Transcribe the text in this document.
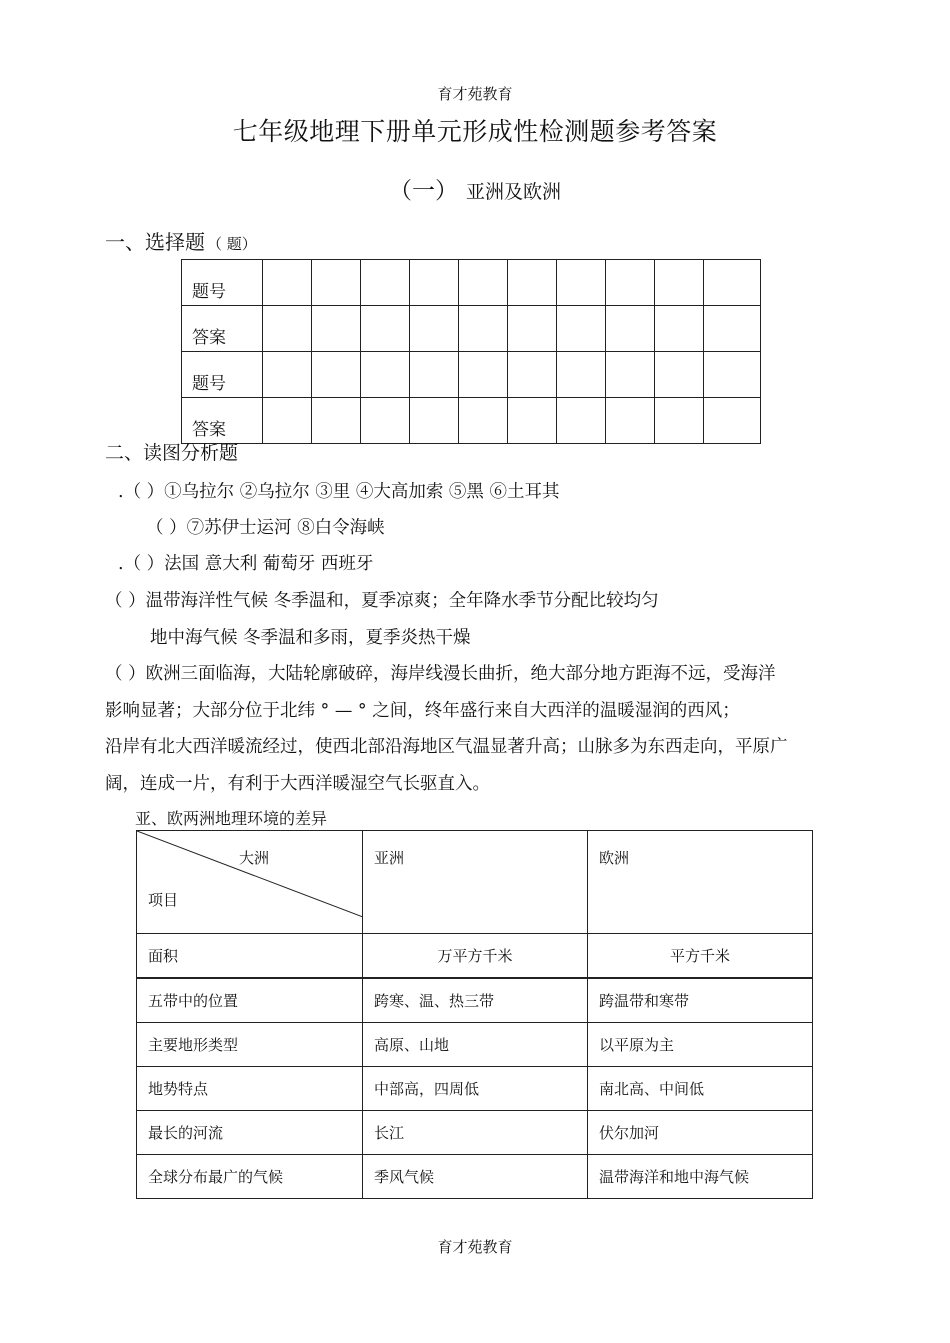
育才苑教育
七年级地理下册单元形成性检测题参考答案
（一） 亚洲及欧洲
一、选择题 （ 题）
题号										
答案										
题号										
答案										
二、读图分析题
.（ ）①乌拉尔 ②乌拉尔 ③里 ④大高加索 ⑤黑 ⑥土耳其
（ ）⑦苏伊士运河 ⑧白令海峡
.（ ）法国 意大利 葡萄牙 西班牙
（ ）温带海洋性气候 冬季温和，夏季凉爽；全年降水季节分配比较均匀
地中海气候 冬季温和多雨，夏季炎热干燥
（ ）欧洲三面临海，大陆轮廓破碎，海岸线漫长曲折，绝大部分地方距海不远，受海洋
影响显著；大部分位于北纬 ° — ° 之间，终年盛行来自大西洋的温暖湿润的西风；
沿岸有北大西洋暖流经过，使西北部沿海地区气温显著升高；山脉多为东西走向，平原广
阔，连成一片，有利于大西洋暖湿空气长驱直入。
亚、欧两洲地理环境的差异
大洲
项目	亚洲	欧洲
面积	万平方千米	平方千米
五带中的位置	跨寒、温、热三带	跨温带和寒带
主要地形类型	高原、山地	以平原为主
地势特点	中部高，四周低	南北高、中间低
最长的河流	长江	伏尔加河
全球分布最广的气候	季风气候	温带海洋和地中海气候
育才苑教育
